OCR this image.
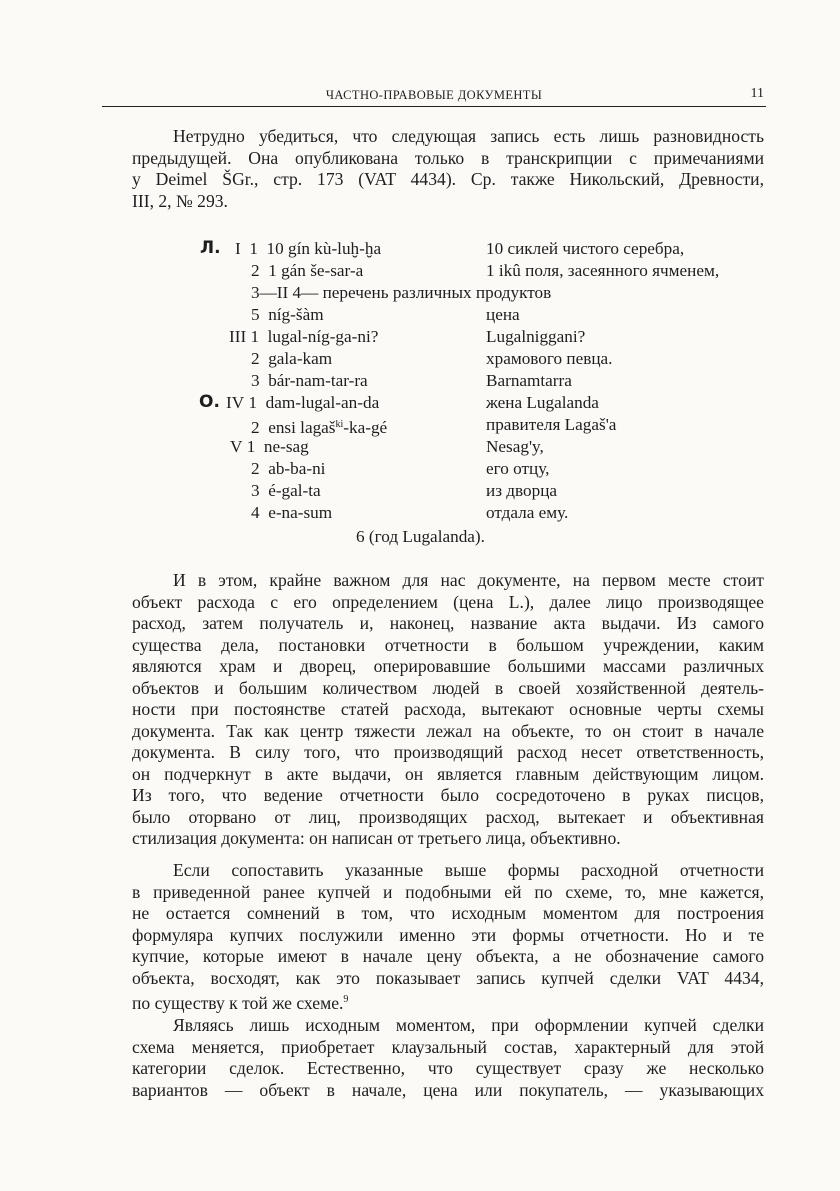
ЧАСТНО-ПРАВОВЫЕ ДОКУМЕНТЫ	11
Нетрудно убедиться, что следующая запись есть лишь разновидность
предыдущей. Она опубликована только в транскрипции с примечаниями
у Deimel ŠGr., стр. 173 (VAT 4434). Ср. также Никольский, Древности,
III, 2, № 293.
Л. I 1 10 gín kù-luḫ-ḫa	10 сиклей чистого серебра,
2 1 gán še-sar-a	1 ikû поля, засеянного ячменем,
3—II 4— перечень различных продуктов
5 níg-šàm	цена
III 1 lugal-níg-ga-ni?	Lugalniggani?
2 gala-kam	храмового певца.
3 bár-nam-tar-ra	Barnamtarra
О. IV 1 dam-lugal-an-da	жена Lugalanda
2 ensi lagaš$^{ki}$-ka-gé	правителя Lagaš'a
V 1 ne-sag	Nesag'y,
2 ab-ba-ni	его отцу,
3 é-gal-ta	из дворца
4 e-na-sum	отдала ему.
6 (год Lugalanda).
И в этом, крайне важном для нас документе, на первом месте стоит
объект расхода с его определением (цена L.), далее лицо производящее
расход, затем получатель и, наконец, название акта выдачи. Из самого
существа дела, постановки отчетности в большом учреждении, каким
являются храм и дворец, оперировавшие большими массами различных
объектов и большим количеством людей в своей хозяйственной деятель-
ности при постоянстве статей расхода, вытекают основные черты схемы
документа. Так как центр тяжести лежал на объекте, то он стоит в начале
документа. В силу того, что производящий расход несет ответственность,
он подчеркнут в акте выдачи, он является главным действующим лицом.
Из того, что ведение отчетности было сосредоточено в руках писцов,
было оторвано от лиц, производящих расход, вытекает и объективная
стилизация документа: он написан от третьего лица, объективно.
Если сопоставить указанные выше формы расходной отчетности
в приведенной ранее купчей и подобными ей по схеме, то, мне кажется,
не остается сомнений в том, что исходным моментом для построения
формуляра купчих послужили именно эти формы отчетности. Но и те
купчие, которые имеют в начале цену объекта, а не обозначение самого
объекта, восходят, как это показывает запись купчей сделки VAT 4434,
по существу к той же схеме.$^9$
Являясь лишь исходным моментом, при оформлении купчей сделки
схема меняется, приобретает клаузальный состав, характерный для этой
категории сделок. Естественно, что существует сразу же несколько
вариантов — объект в начале, цена или покупатель, — указывающих
